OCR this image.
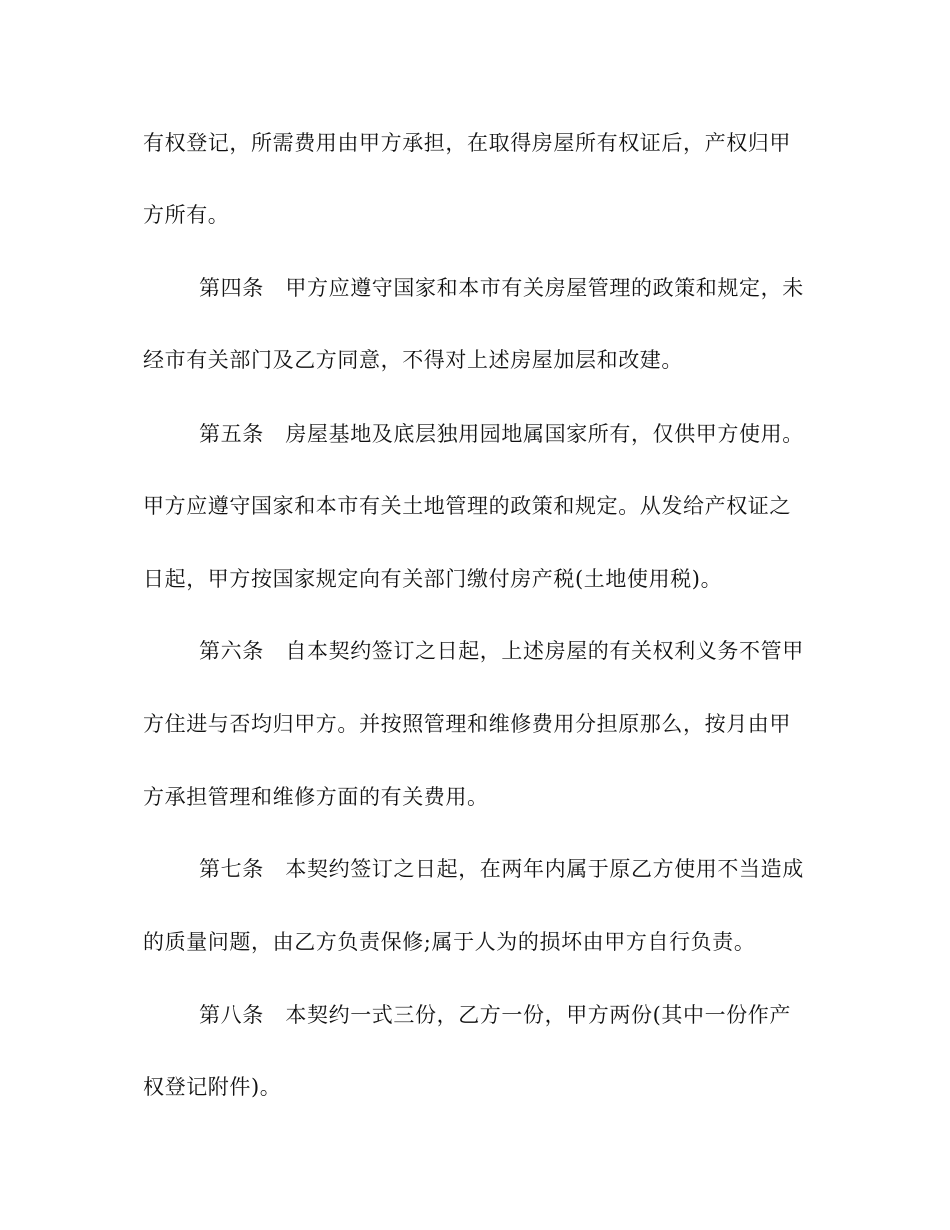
有权登记，所需费用由甲方承担，在取得房屋所有权证后，产权归甲
方所有。
第四条　甲方应遵守国家和本市有关房屋管理的政策和规定，未
经市有关部门及乙方同意，不得对上述房屋加层和改建。
第五条　房屋基地及底层独用园地属国家所有，仅供甲方使用。
甲方应遵守国家和本市有关土地管理的政策和规定。从发给产权证之
日起，甲方按国家规定向有关部门缴付房产税(土地使用税)。
第六条　自本契约签订之日起，上述房屋的有关权利义务不管甲
方住进与否均归甲方。并按照管理和维修费用分担原那么，按月由甲
方承担管理和维修方面的有关费用。
第七条　本契约签订之日起，在两年内属于原乙方使用不当造成
的质量问题，由乙方负责保修;属于人为的损坏由甲方自行负责。
第八条　本契约一式三份，乙方一份，甲方两份(其中一份作产
权登记附件)。
